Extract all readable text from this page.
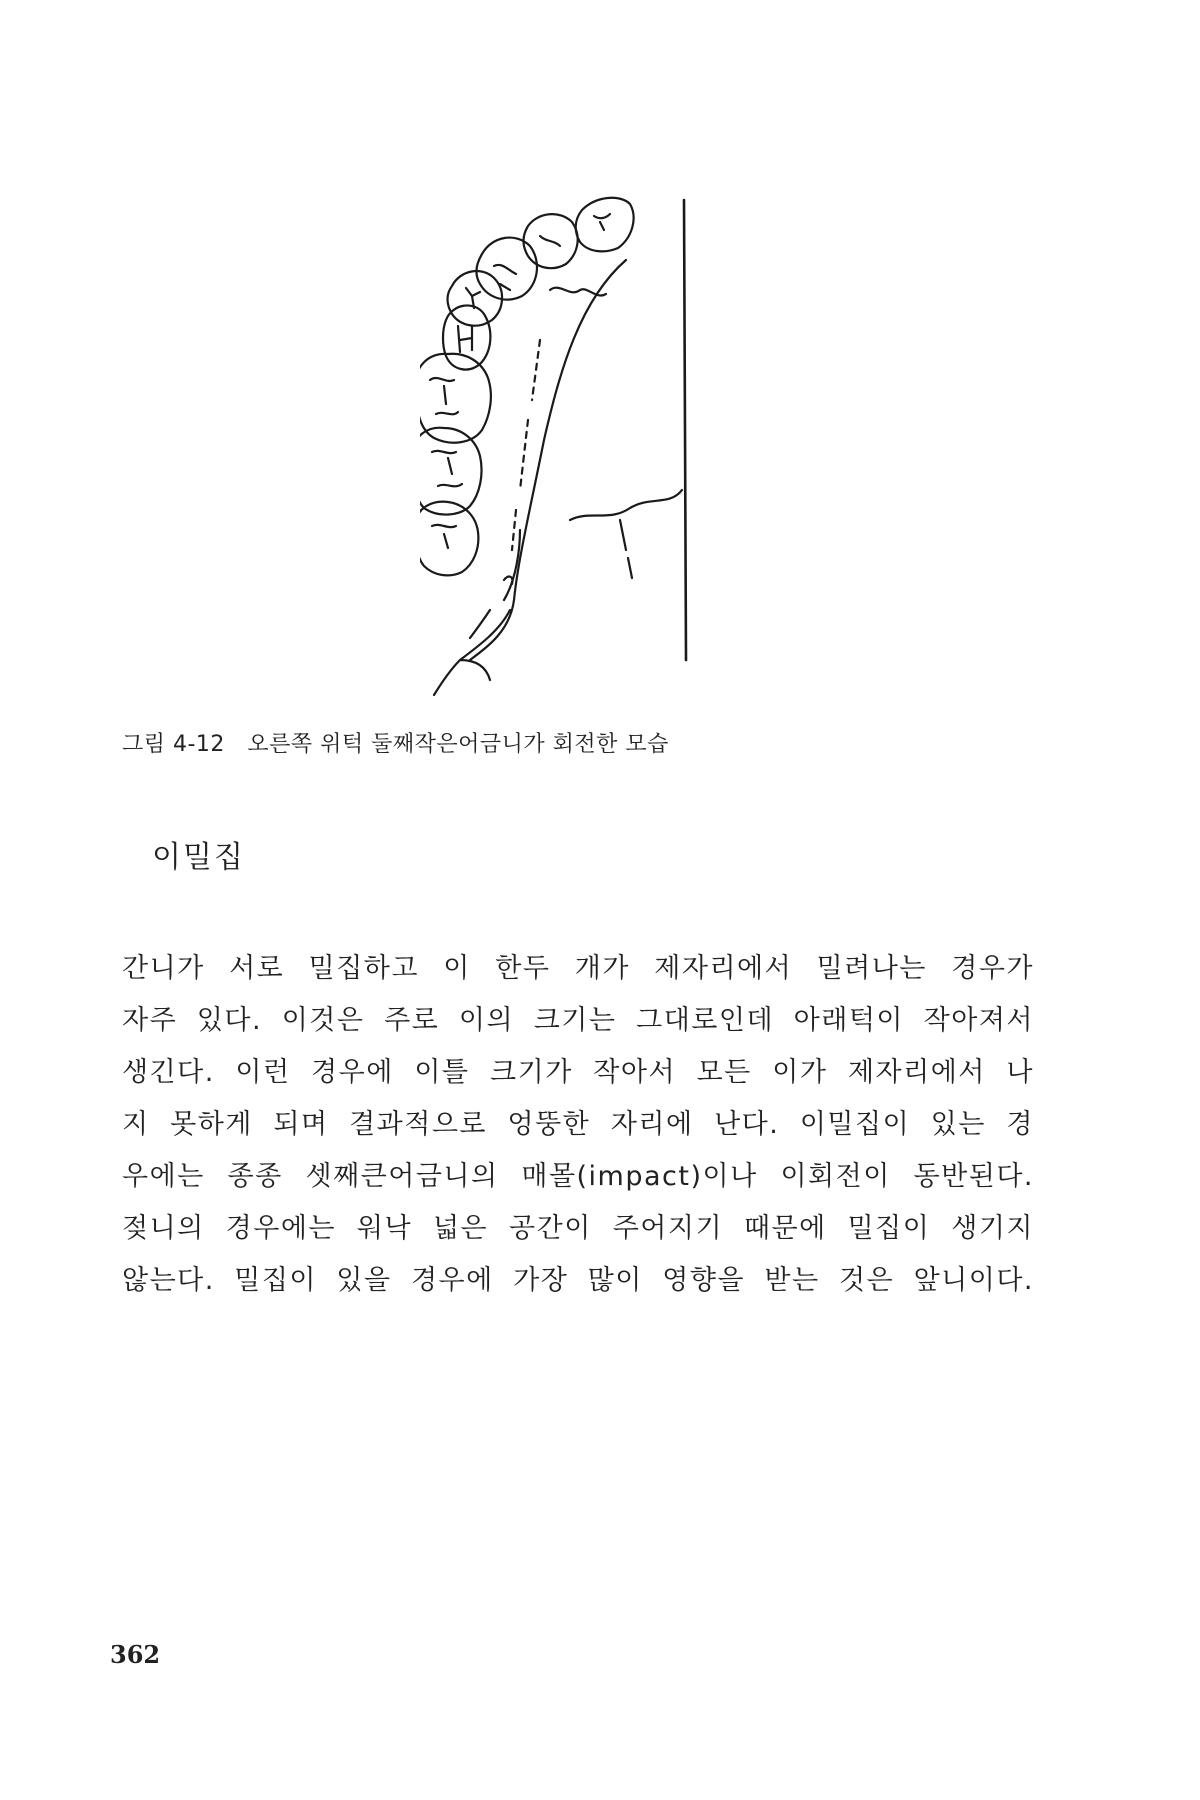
그림 4-12   오른쪽 위턱 둘째작은어금니가 회전한 모습
이밀집
간니가 서로 밀집하고 이 한두 개가 제자리에서 밀려나는 경우가
자주 있다. 이것은 주로 이의 크기는 그대로인데 아래턱이 작아져서
생긴다. 이런 경우에 이틀 크기가 작아서 모든 이가 제자리에서 나
지 못하게 되며 결과적으로 엉뚱한 자리에 난다. 이밀집이 있는 경
우에는 종종 셋째큰어금니의 매몰(impact)이나 이회전이 동반된다.
젖니의 경우에는 워낙 넓은 공간이 주어지기 때문에 밀집이 생기지
않는다. 밀집이 있을 경우에 가장 많이 영향을 받는 것은 앞니이다.
362
